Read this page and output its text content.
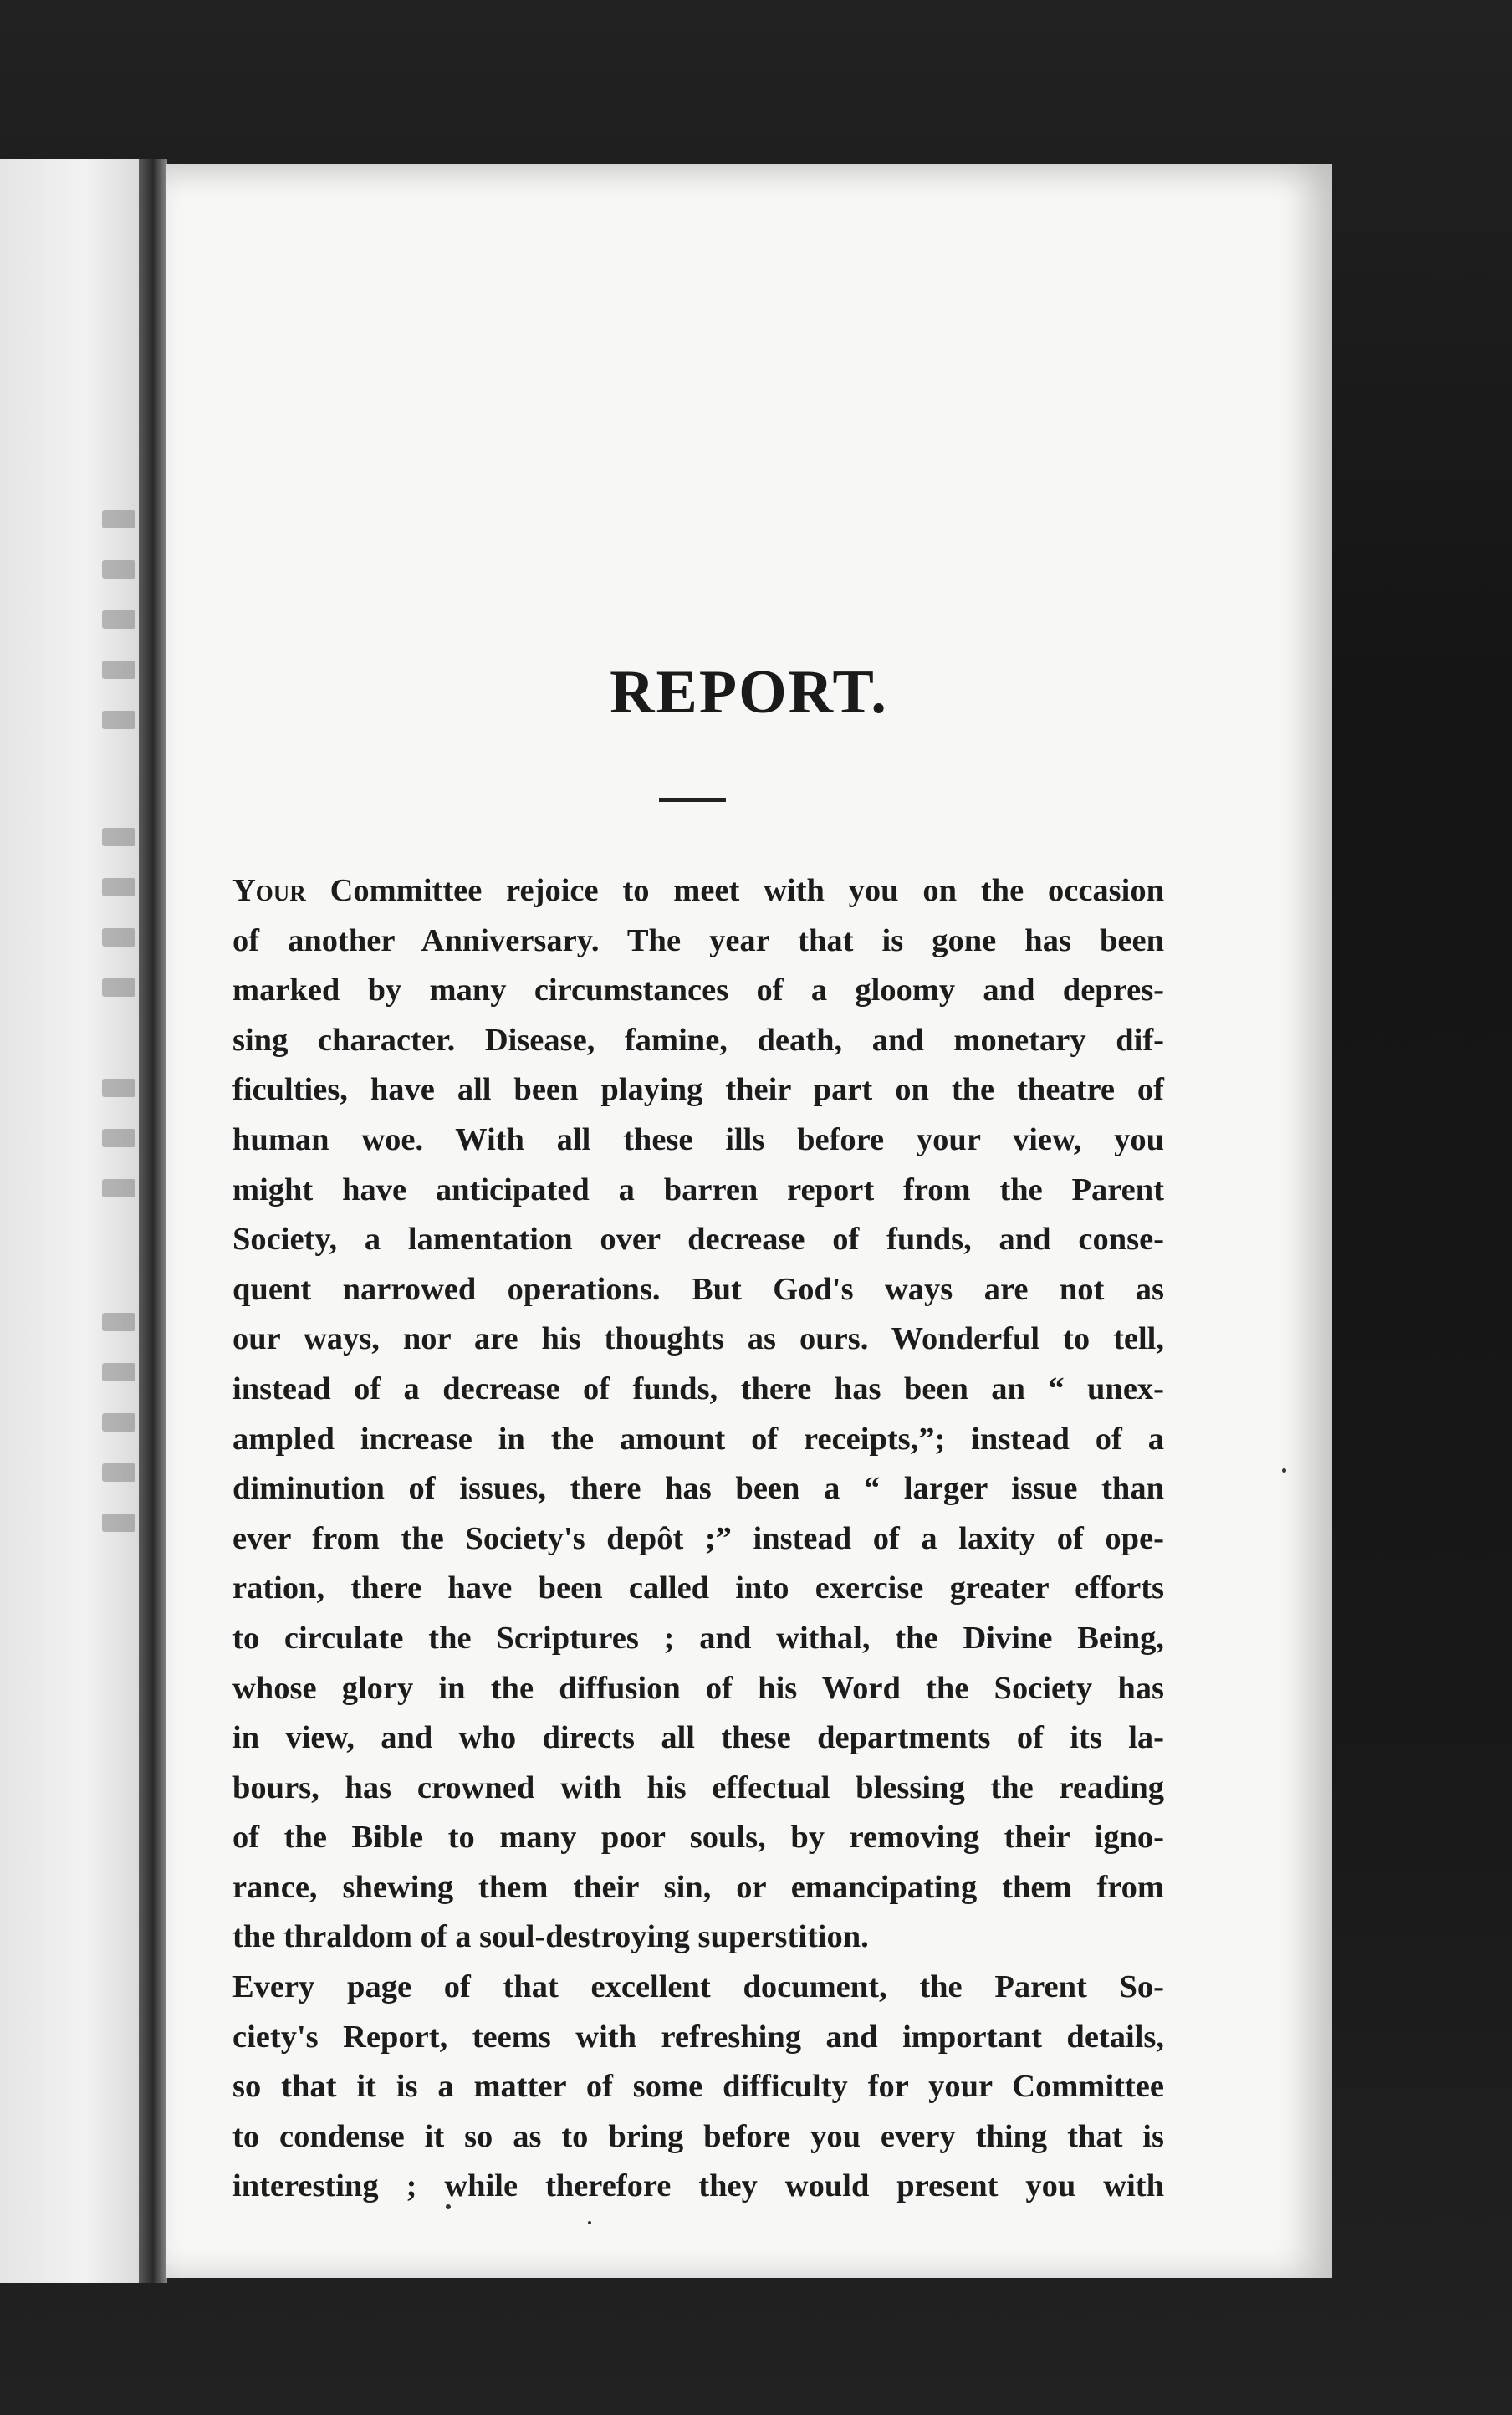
REPORT.
Your Committee rejoice to meet with you on the occasion
of another Anniversary. The year that is gone has been
marked by many circumstances of a gloomy and depres-
sing character. Disease, famine, death, and monetary dif-
ficulties, have all been playing their part on the theatre of
human woe. With all these ills before your view, you
might have anticipated a barren report from the Parent
Society, a lamentation over decrease of funds, and conse-
quent narrowed operations. But God's ways are not as
our ways, nor are his thoughts as ours. Wonderful to tell,
instead of a decrease of funds, there has been an “ unex-
ampled increase in the amount of receipts,”; instead of a
diminution of issues, there has been a “ larger issue than
ever from the Society's depôt ;” instead of a laxity of ope-
ration, there have been called into exercise greater efforts
to circulate the Scriptures ; and withal, the Divine Being,
whose glory in the diffusion of his Word the Society has
in view, and who directs all these departments of its la-
bours, has crowned with his effectual blessing the reading
of the Bible to many poor souls, by removing their igno-
rance, shewing them their sin, or emancipating them from
the thraldom of a soul-destroying superstition.
Every page of that excellent document, the Parent So-
ciety's Report, teems with refreshing and important details,
so that it is a matter of some difficulty for your Committee
to condense it so as to bring before you every thing that is
interesting ; while therefore they would present you with
